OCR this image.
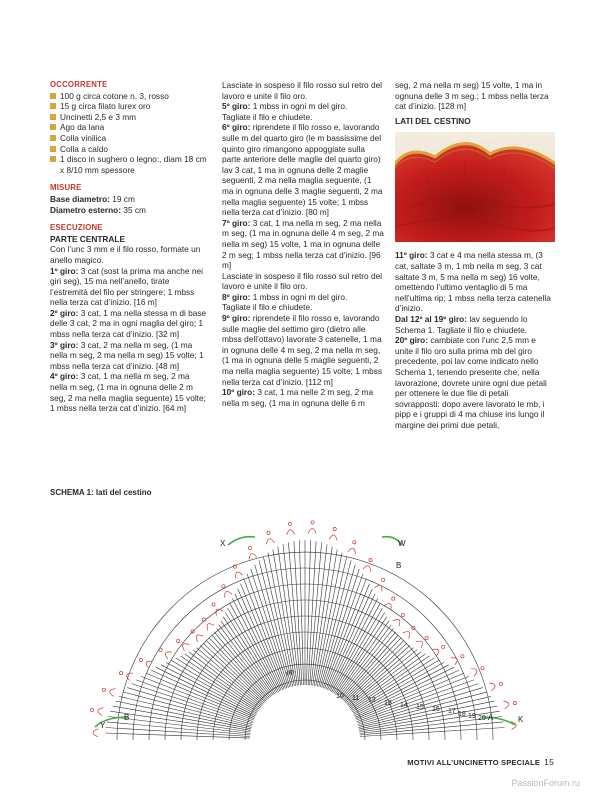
OCCORRENTE

100 g circa cotone n. 3, rosso
15 g circa filato lurex oro
Uncinetti 2,5 e 3 mm
Ago da lana
Colla vinilica
Colla a caldo
1 disco in sughero o legno:, diam 18 cm x 8/10 mm spessore

MISURE

Base diametro: 19 cm

Diametro esterno: 35 cm

ESECUZIONE

PARTE CENTRALE

Con l’unc 3 mm e il filo rosso, formate un anello magico.

1º giro: 3 cat (sost la prima ma anche nei giri seg), 15 ma nell’anello, tirate l’estremità del filo per stringere; 1 mbss nella terza cat d’inizio. [16 m]

2º giro: 3 cat, 1 ma nella stessa m di base delle 3 cat, 2 ma in ogni maglia del giro; 1 mbss nella terza cat d’inizio. [32 m]

3º giro: 3 cat, 2 ma nella m seg, (1 ma nella m seg, 2 ma nella m seg) 15 volte; 1 mbss nella terza cat d’inizio. [48 m]

4º giro: 3 cat, 1 ma nella m seg, 2 ma nella m seg, (1 ma in ognuna delle 2 m seg, 2 ma nella maglia seguente) 15 volte; 1 mbss nella terza cat d’inizio. [64 m]

Lasciate in sospeso il filo rosso sul retro del lavoro e unite il filo oro.

5º giro: 1 mbss in ogni m del giro.

Tagliate il filo e chiudete.

6º giro: riprendete il filo rosso e, lavorando sulle m del quarto giro (le m bassissime del quinto giro rimangono appoggiate sulla parte anteriore delle maglie del quarto giro) lav 3 cat, 1 ma in ognuna delle 2 maglie seguenti, 2 ma nella maglia seguente, (1 ma in ognuna delle 3 maglie seguenti, 2 ma nella maglia seguente) 15 volte; 1 mbss nella terza cat d’inizio. [80 m]

7º giro: 3 cat, 1 ma nella m seg, 2 ma nella m seg, (1 ma in ognuna delle 4 m seg, 2 ma nella m seg) 15 volte, 1 ma in ognuna delle 2 m seg; 1 mbss nella terza cat d’inizio. [96 m]

Lasciate in sospeso il filo rosso sul retro del lavoro e unite il filo oro.

8º giro: 1 mbss in ogni m del giro.

Tagliate il filo e chiudete.

9º giro: riprendete il filo rosso e, lavorando sulle maglie del settimo giro (dietro alle mbss dell’ottavo) lavorate 3 catenelle, 1 ma in ognuna delle 4 m seg, 2 ma nella m seg, (1 ma in ognuna delle 5 maglie seguenti, 2 ma nella maglia seguente) 15 volte; 1 mbss nella terza cat d’inizio. [112 m]

10º giro: 3 cat, 1 ma nelle 2 m seg, 2 ma nella m seg, (1 ma in ognuna delle 6 m

seg, 2 ma nella m seg) 15 volte, 1 ma in ognuna delle 3 m seg.; 1 mbss nella terza cat d’inizio. [128 m]

LATI DEL CESTINO

11º giro: 3 cat e 4 ma nella stessa m, (3 cat, saltate 3 m, 1 mb nella m seg, 3 cat saltate 3 m, 5 ma nella m seg) 16 volte, omettendo l’ultimo ventaglio di 5 ma nell’ultima rip; 1 mbss nella terza catenella d’inizio.

Dal 12º al 19º giro: lav seguendo lo Schema 1. Tagliate il filo e chiudete.

20º giro: cambiate con l’unc 2,5 mm e unite il filo oro sulla prima mb del giro precedente, poi lav come indicato nello Schema 1, tenendo presente che, nella lavorazione, dovrete unire ogni due petali per ottenere le due file di petali sovrapposti: dopo avere lavorato le mb, i pipp e i gruppi di 4 ma chiuse ins lungo il margine dei primi due petali,

SCHEMA 1: lati del cestino
X	W
B
B
A
Y
K
rip.
10 11 12 13 14 15 16 17 18 19 20
MOTIVI ALL’UNCINETTO SPECIALE 15
PassionForum.ru
